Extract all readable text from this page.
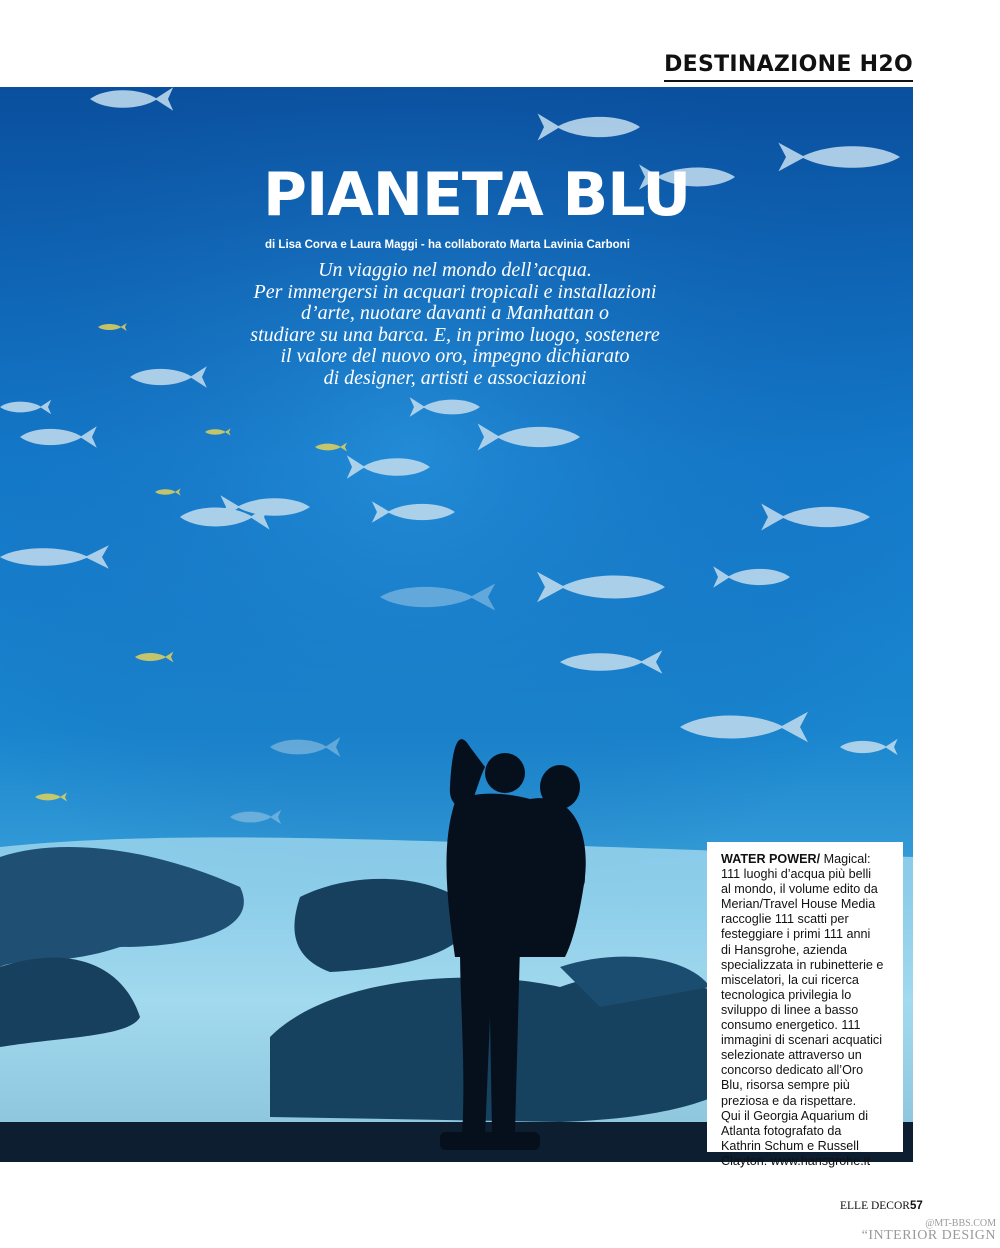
DESTINAZIONE H2O
PIANETA BLU
di Lisa Corva e Laura Maggi - ha collaborato Marta Lavinia Carboni
Un viaggio nel mondo dell’acqua.
Per immergersi in acquari tropicali e installazioni
d’arte, nuotare davanti a Manhattan o
studiare su una barca. E, in primo luogo, sostenere
il valore del nuovo oro, impegno dichiarato
di designer, artisti e associazioni
WATER POWER/ Magical:
111 luoghi d’acqua più belli
al mondo, il volume edito da
Merian/Travel House Media
raccoglie 111 scatti per
festeggiare i primi 111 anni
di Hansgrohe, azienda
specializzata in rubinetterie e
miscelatori, la cui ricerca
tecnologica privilegia lo
sviluppo di linee a basso
consumo energetico. 111
immagini di scenari acquatici
selezionate attraverso un
concorso dedicato all’Oro
Blu, risorsa sempre più
preziosa e da rispettare.
Qui il Georgia Aquarium di
Atlanta fotografato da
Kathrin Schum e Russell
Clayton. www.hansgrohe.it
ELLE DECOR57
@MT-BBS.COM
“INTERIOR DESIGN
